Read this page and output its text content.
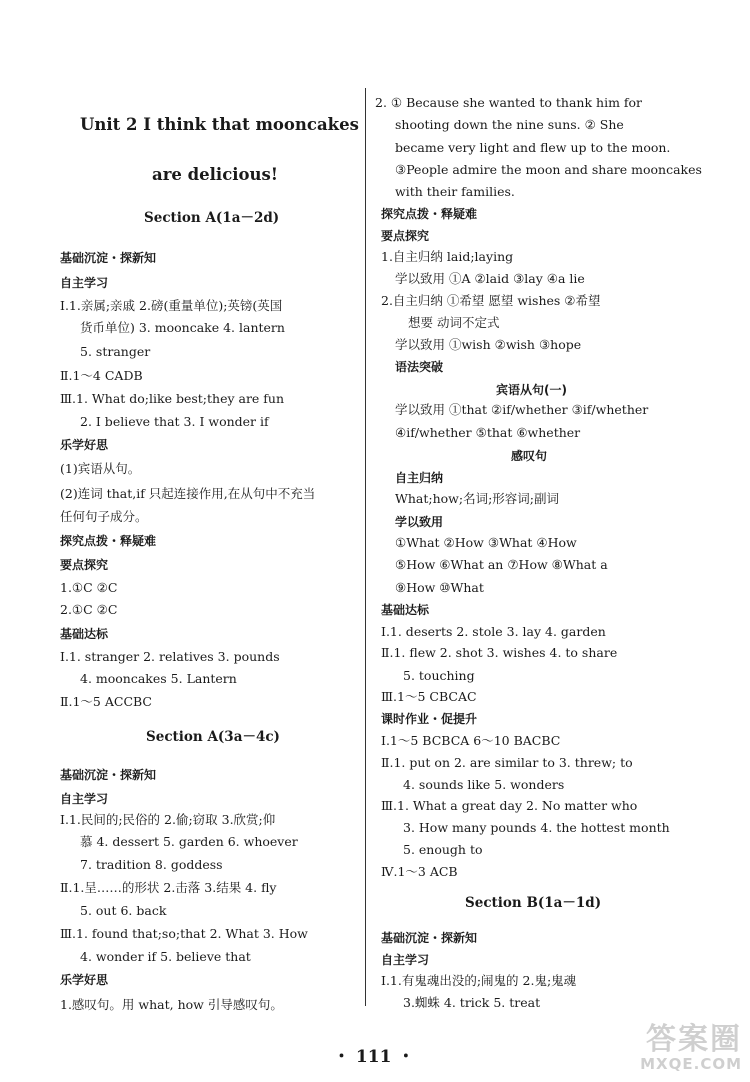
Unit 2 I think that mooncakes
are delicious!
Section A(1a－2d)
基础沉淀・探新知
自主学习
Ⅰ.1.亲属;亲戚 2.磅(重量单位);英镑(英国
货币单位) 3. mooncake 4. lantern
5. stranger
Ⅱ.1～4 CADB
Ⅲ.1. What do;like best;they are fun
2. I believe that 3. I wonder if
乐学好思
(1)宾语从句。
(2)连词 that,if 只起连接作用,在从句中不充当
任何句子成分。
探究点拨・释疑难
要点探究
1.①C ②C
2.①C ②C
基础达标
Ⅰ.1. stranger 2. relatives 3. pounds
4. mooncakes 5. Lantern
Ⅱ.1～5 ACCBC
Section A(3a－4c)
基础沉淀・探新知
自主学习
Ⅰ.1.民间的;民俗的 2.偷;窃取 3.欣赏;仰
慕 4. dessert 5. garden 6. whoever
7. tradition 8. goddess
Ⅱ.1.呈……的形状 2.击落 3.结果 4. fly
5. out 6. back
Ⅲ.1. found that;so;that 2. What 3. How
4. wonder if 5. believe that
乐学好思
1.感叹句。用 what, how 引导感叹句。
2. ① Because she wanted to thank him for
shooting down the nine suns. ② She
became very light and flew up to the moon.
③People admire the moon and share mooncakes
with their families.
探究点拨・释疑难
要点探究
1.自主归纳 laid;laying
学以致用 ①A ②laid ③lay ④a lie
2.自主归纳 ①希望 愿望 wishes ②希望
想要 动词不定式
学以致用 ①wish ②wish ③hope
语法突破
宾语从句(一)
学以致用 ①that ②if/whether ③if/whether
④if/whether ⑤that ⑥whether
感叹句
自主归纳
What;how;名词;形容词;副词
学以致用
①What ②How ③What ④How
⑤How ⑥What an ⑦How ⑧What a
⑨How ⑩What
基础达标
Ⅰ.1. deserts 2. stole 3. lay 4. garden
Ⅱ.1. flew 2. shot 3. wishes 4. to share
5. touching
Ⅲ.1～5 CBCAC
课时作业・促提升
Ⅰ.1～5 BCBCA 6～10 BACBC
Ⅱ.1. put on 2. are similar to 3. threw; to
4. sounds like 5. wonders
Ⅲ.1. What a great day 2. No matter who
3. How many pounds 4. the hottest month
5. enough to
Ⅳ.1～3 ACB
Section B(1a－1d)
基础沉淀・探新知
自主学习
Ⅰ.1.有鬼魂出没的;闹鬼的 2.鬼;鬼魂
3.蜘蛛 4. trick 5. treat
・ 111 ・	答案圈
MXQE.COM
